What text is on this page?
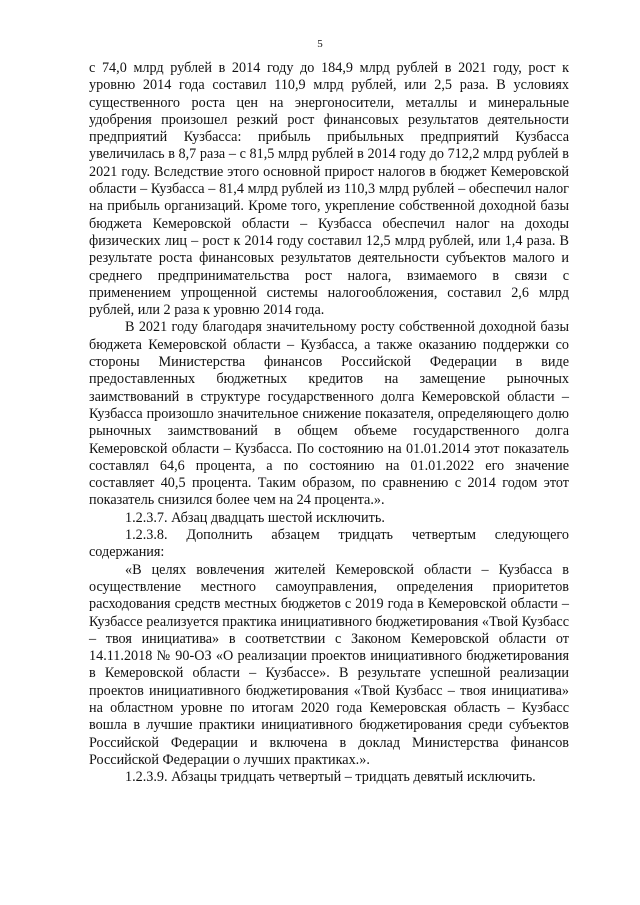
5

с 74,0 млрд рублей в 2014 году до 184,9 млрд рублей в 2021 году, рост к уровню 2014 года составил 110,9 млрд рублей, или 2,5 раза. В условиях существенного роста цен на энергоносители, металлы и минеральные удобрения произошел резкий рост финансовых результатов деятельности предприятий Кузбасса: прибыль прибыльных предприятий Кузбасса увеличилась в 8,7 раза – с 81,5 млрд рублей в 2014 году до 712,2 млрд рублей в 2021 году. Вследствие этого основной прирост налогов в бюджет Кемеровской области – Кузбасса – 81,4 млрд рублей из 110,3 млрд рублей – обеспечил налог на прибыль организаций. Кроме того, укрепление собственной доходной базы бюджета Кемеровской области – Кузбасса обеспечил налог на доходы физических лиц – рост к 2014 году составил 12,5 млрд рублей, или 1,4 раза. В результате роста финансовых результатов деятельности субъектов малого и среднего предпринимательства рост налога, взимаемого в связи с применением упрощенной системы налогообложения, составил 2,6 млрд рублей, или 2 раза к уровню 2014 года.

В 2021 году благодаря значительному росту собственной доходной базы бюджета Кемеровской области – Кузбасса, а также оказанию поддержки со стороны Министерства финансов Российской Федерации в виде предоставленных бюджетных кредитов на замещение рыночных заимствований в структуре государственного долга Кемеровской области – Кузбасса произошло значительное снижение показателя, определяющего долю рыночных заимствований в общем объеме государственного долга Кемеровской области – Кузбасса. По состоянию на 01.01.2014 этот показатель составлял 64,6 процента, а по состоянию на 01.01.2022 его значение составляет 40,5 процента. Таким образом, по сравнению с 2014 годом этот показатель снизился более чем на 24 процента.».

1.2.3.7. Абзац двадцать шестой исключить.

1.2.3.8. Дополнить абзацем тридцать четвертым следующего содержания:

«В целях вовлечения жителей Кемеровской области – Кузбасса в осуществление местного самоуправления, определения приоритетов расходования средств местных бюджетов с 2019 года в Кемеровской области – Кузбассе реализуется практика инициативного бюджетирования «Твой Кузбасс – твоя инициатива» в соответствии с Законом Кемеровской области от 14.11.2018 № 90-ОЗ «О реализации проектов инициативного бюджетирования в Кемеровской области – Кузбассе». В результате успешной реализации проектов инициативного бюджетирования «Твой Кузбасс – твоя инициатива» на областном уровне по итогам 2020 года Кемеровская область – Кузбасс вошла в лучшие практики инициативного бюджетирования среди субъектов Российской Федерации и включена в доклад Министерства финансов Российской Федерации о лучших практиках.».

1.2.3.9. Абзацы тридцать четвертый – тридцать девятый исключить.
